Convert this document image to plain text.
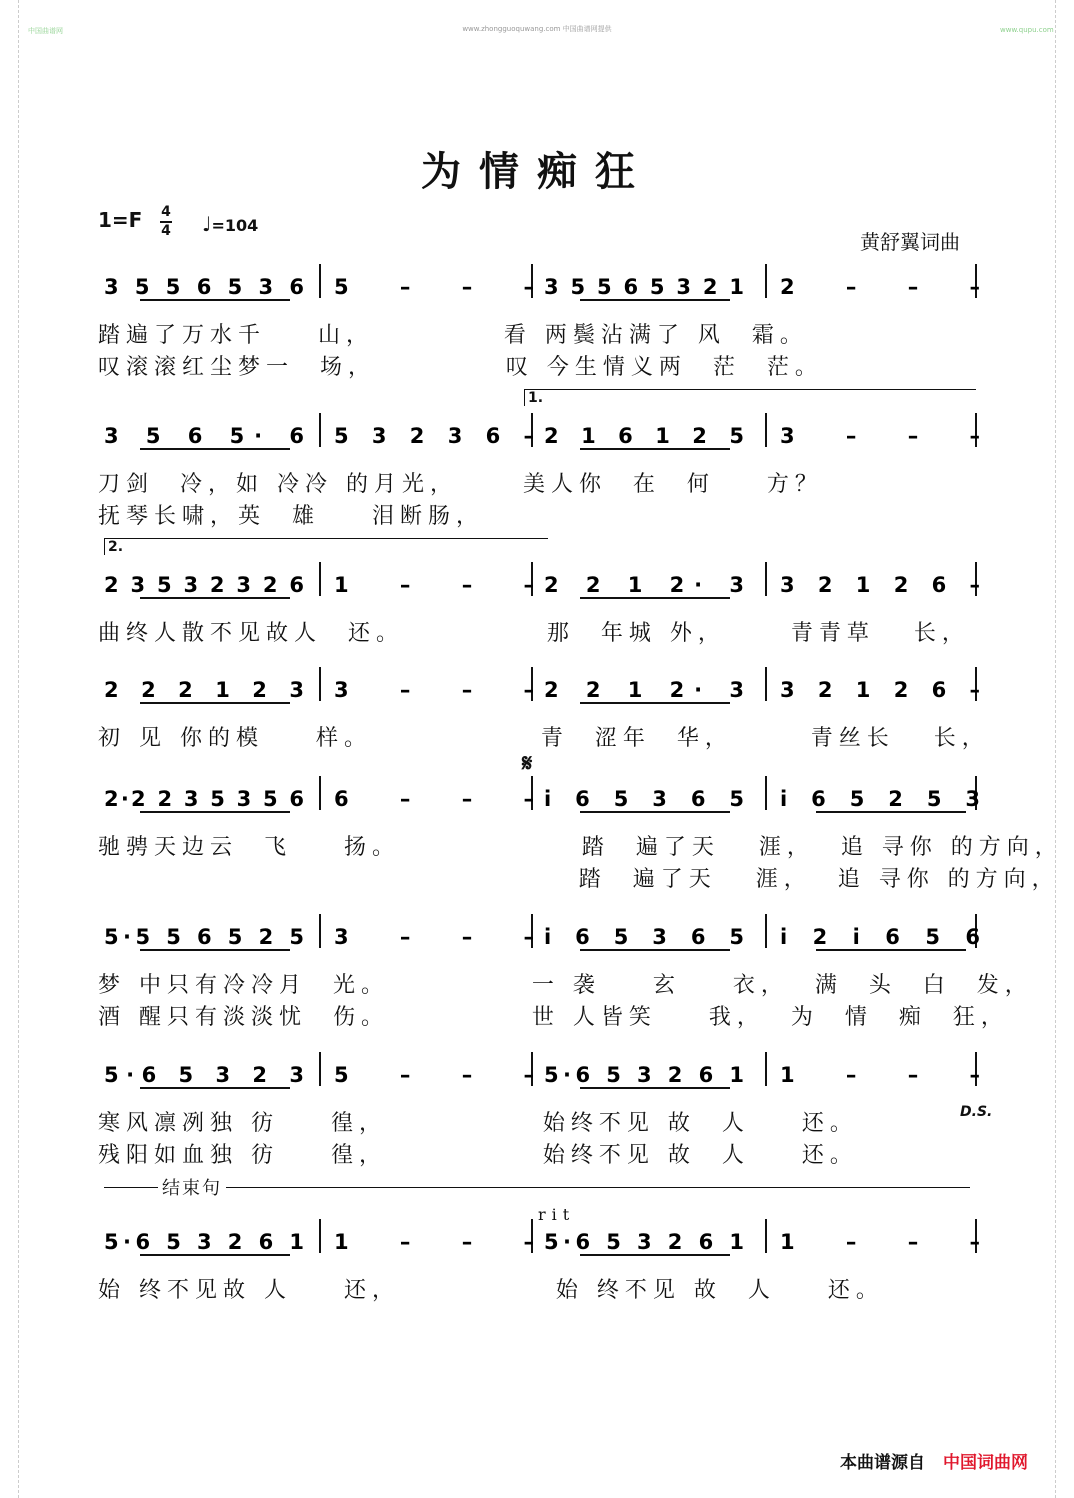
中国曲谱网	www.zhongguoquwang.com 中国曲谱网提供	www.qupu.com
为情痴狂
1=F 4
4 ♩=104
黄舒翼词曲
3 5 5 6 5 3 6 5 – – – 3 5 5 6 5 3 2 1 2 – – –
3 5 6 5· 6 5 3 2 3 6 – 2 1 6 1 2 5 3 – – –
2 3 5 3 2 3 2 6 1 – – – 2 2 1 2· 3 3 2 1 2 6 –
2 2 2 1 2 3 3 – – – 2 2 1 2· 3 3 2 1 2 6 –
2·2 2 3 5 3 5 6 6 – – – i 6 5 3 6 5 i 6 5 2 5 3
5·5 5 6 5 2 5 3 – – – i 6 5 3 6 5 i 2 i 6 5 6
5·6 5 3 2 3 5 – – – 5·6 5 3 2 6 1 1 – – –
5·6 5 3 2 6 1 1 – – – 5·6 5 3 2 6 1 1 – – –
踏遍了万水千    山，          看 两鬓沾满了 风  霜。
叹滚滚红尘梦一  场，          叹 今生情义两  茫  茫。
刀剑  冷，如 冷冷 的月光，     美人你  在  何    方？
抚琴长啸，英  雄    泪断肠，
1.
曲终人散不见故人  还。           那  年城 外，     青青草   长，
2.
初 见 你的模    样。             青  涩年  华，      青丝长   长，
𝄋
驰骋天边云  飞    扬。              踏  遍了天   涯，  追 寻你 的方向，
踏  遍了天   涯，  追 寻你 的方向，
梦 中只有冷冷月  光。           一 袭    玄    衣，  满  头  白  发，
酒 醒只有淡淡忧  伤。           世 人皆笑    我，  为  情  痴  狂，
寒风凛冽独 彷    徨，            始终不见 故  人    还。
残阳如血独 彷    徨，            始终不见 故  人    还。
D.S.
始 终不见故 人    还，            始 终不见 故  人    还。
结束句
rit
本曲谱源自 中国词曲网
